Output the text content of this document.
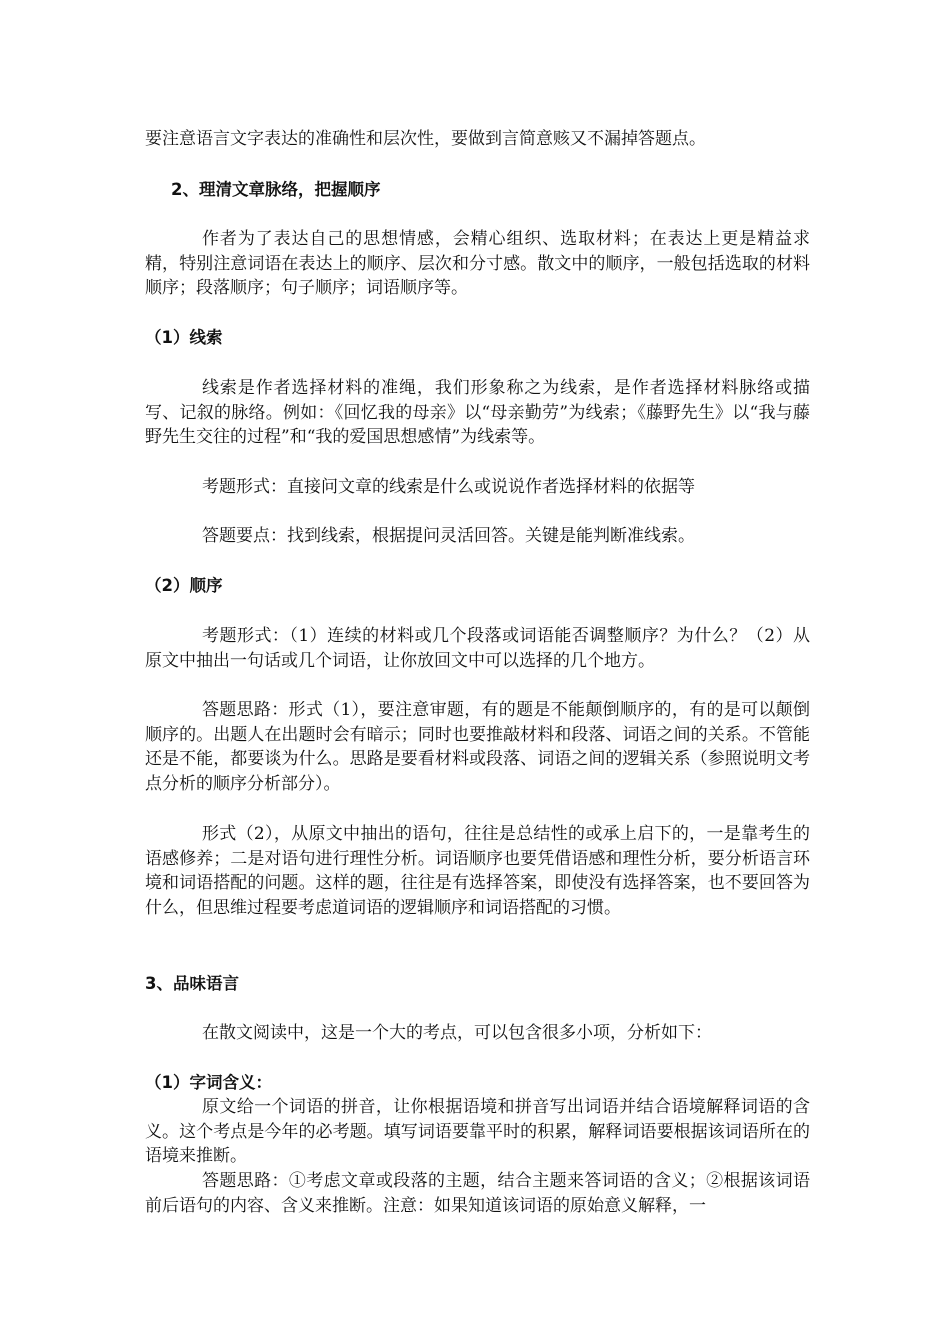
要注意语言文字表达的准确性和层次性，要做到言简意赅又不漏掉答题点。
2、理清文章脉络，把握顺序
作者为了表达自己的思想情感，会精心组织、选取材料；在表达上更是精益求精，特别注意词语在表达上的顺序、层次和分寸感。散文中的顺序，一般包括选取的材料顺序；段落顺序；句子顺序；词语顺序等。
（1）线索
线索是作者选择材料的准绳，我们形象称之为线索，是作者选择材料脉络或描写、记叙的脉络。例如：《回忆我的母亲》以“母亲勤劳”为线索；《藤野先生》以“我与藤野先生交往的过程”和“我的爱国思想感情”为线索等。
考题形式：直接问文章的线索是什么或说说作者选择材料的依据等
答题要点：找到线索，根据提问灵活回答。关键是能判断准线索。
（2）顺序
考题形式：（1）连续的材料或几个段落或词语能否调整顺序？为什么？（2）从原文中抽出一句话或几个词语，让你放回文中可以选择的几个地方。
答题思路：形式（1），要注意审题，有的题是不能颠倒顺序的，有的是可以颠倒顺序的。出题人在出题时会有暗示；同时也要推敲材料和段落、词语之间的关系。不管能还是不能，都要谈为什么。思路是要看材料或段落、词语之间的逻辑关系（参照说明文考点分析的顺序分析部分）。
形式（2），从原文中抽出的语句，往往是总结性的或承上启下的，一是靠考生的语感修养；二是对语句进行理性分析。词语顺序也要凭借语感和理性分析，要分析语言环境和词语搭配的问题。这样的题，往往是有选择答案，即使没有选择答案，也不要回答为什么，但思维过程要考虑道词语的逻辑顺序和词语搭配的习惯。
3、品味语言
在散文阅读中，这是一个大的考点，可以包含很多小项，分析如下：
（1）字词含义：
原文给一个词语的拼音，让你根据语境和拼音写出词语并结合语境解释词语的含义。这个考点是今年的必考题。填写词语要靠平时的积累，解释词语要根据该词语所在的语境来推断。
答题思路：①考虑文章或段落的主题，结合主题来答词语的含义；②根据该词语前后语句的内容、含义来推断。注意：如果知道该词语的原始意义解释，一
